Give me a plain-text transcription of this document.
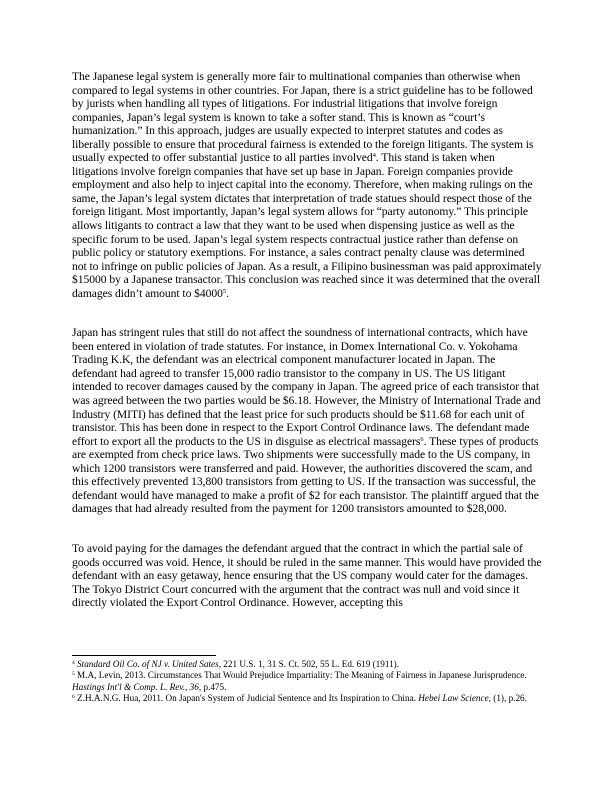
The Japanese legal system is generally more fair to multinational companies than otherwise when compared to legal systems in other countries. For Japan, there is a strict guideline has to be followed by jurists when handling all types of litigations. For industrial litigations that involve foreign companies, Japan’s legal system is known to take a softer stand. This is known as “court’s humanization.” In this approach, judges are usually expected to interpret statutes and codes as liberally possible to ensure that procedural fairness is extended to the foreign litigants. The system is usually expected to offer substantial justice to all parties involved$^4$. This stand is taken when litigations involve foreign companies that have set up base in Japan. Foreign companies provide employment and also help to inject capital into the economy. Therefore, when making rulings on the same, the Japan’s legal system dictates that interpretation of trade statues should respect those of the foreign litigant. Most importantly, Japan’s legal system allows for “party autonomy.” This principle allows litigants to contract a law that they want to be used when dispensing justice as well as the specific forum to be used. Japan’s legal system respects contractual justice rather than defense on public policy or statutory exemptions. For instance, a sales contract penalty clause was determined not to infringe on public policies of Japan. As a result, a Filipino businessman was paid approximately $15000 by a Japanese transactor. This conclusion was reached since it was determined that the overall damages didn’t amount to $4000$^5$.

Japan has stringent rules that still do not affect the soundness of international contracts, which have been entered in violation of trade statutes. For instance, in Domex International Co. v. Yokohama Trading K.K, the defendant was an electrical component manufacturer located in Japan. The defendant had agreed to transfer 15,000 radio transistor to the company in US. The US litigant intended to recover damages caused by the company in Japan. The agreed price of each transistor that was agreed between the two parties would be $6.18. However, the Ministry of International Trade and Industry (MITI) has defined that the least price for such products should be $11.68 for each unit of transistor. This has been done in respect to the Export Control Ordinance laws. The defendant made effort to export all the products to the US in disguise as electrical massagers$^6$. These types of products are exempted from check price laws. Two shipments were successfully made to the US company, in which 1200 transistors were transferred and paid. However, the authorities discovered the scam, and this effectively prevented 13,800 transistors from getting to US. If the transaction was successful, the defendant would have managed to make a profit of $2 for each transistor. The plaintiff argued that the damages that had already resulted from the payment for 1200 transistors amounted to $28,000.

To avoid paying for the damages the defendant argued that the contract in which the partial sale of goods occurred was void. Hence, it should be ruled in the same manner. This would have provided the defendant with an easy getaway, hence ensuring that the US company would cater for the damages. The Tokyo District Court concurred with the argument that the contract was null and void since it directly violated the Export Control Ordinance. However, accepting this

$^4$ Standard Oil Co. of NJ v. United Sates, 221 U.S. 1, 31 S. Ct. 502, 55 L. Ed. 619 (1911).

$^5$ M.A, Levin, 2013. Circumstances That Would Prejudice Impartiality: The Meaning of Fairness in Japanese Jurisprudence. Hastings Int'l & Comp. L. Rev., 36, p.475.

$^6$ Z.H.A.N.G. Hua, 2011. On Japan's System of Judicial Sentence and Its Inspiration to China. Hebei Law Science, (1), p.26.
